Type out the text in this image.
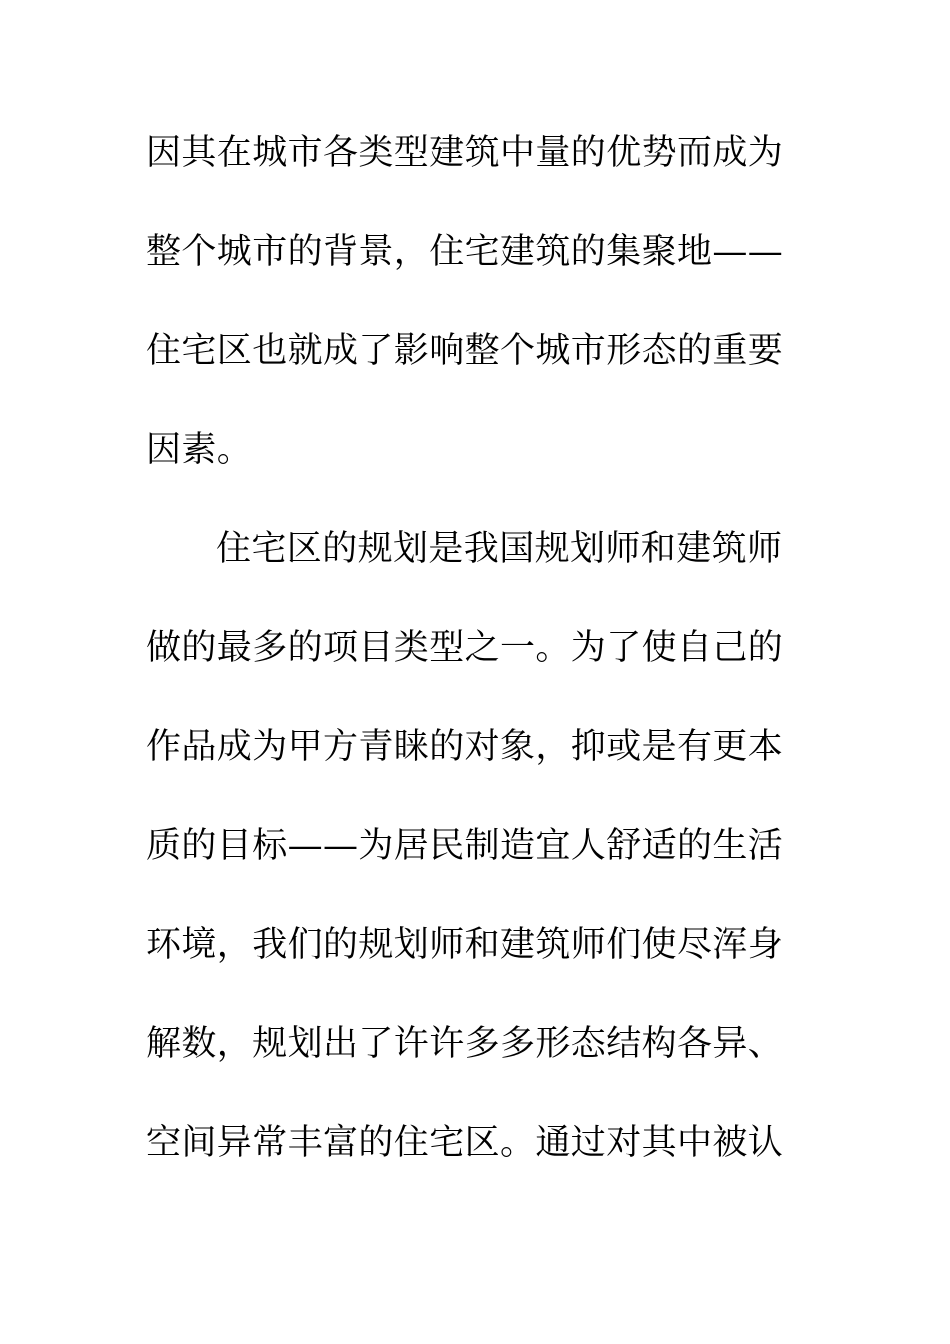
因其在城市各类型建筑中量的优势而成为
整个城市的背景，住宅建筑的集聚地——
住宅区也就成了影响整个城市形态的重要
因素。
住宅区的规划是我国规划师和建筑师
做的最多的项目类型之一。为了使自己的
作品成为甲方青睐的对象，抑或是有更本
质的目标——为居民制造宜人舒适的生活
环境，我们的规划师和建筑师们使尽浑身
解数，规划出了许许多多形态结构各异、
空间异常丰富的住宅区。通过对其中被认
